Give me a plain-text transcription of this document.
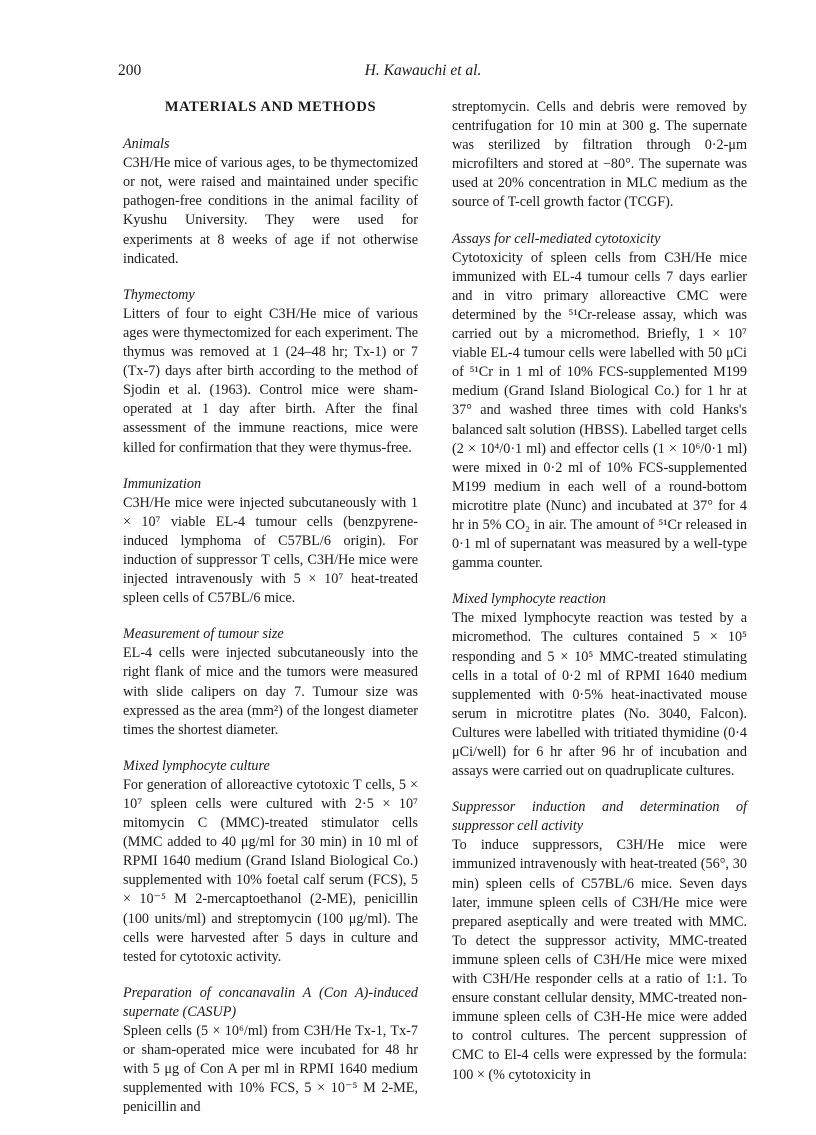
200	H. Kawauchi et al.

MATERIALS AND METHODS

Animals

C3H/He mice of various ages, to be thymectomized or not, were raised and maintained under specific pathogen-free conditions in the animal facility of Kyushu University. They were used for experiments at 8 weeks of age if not otherwise indicated.

Thymectomy

Litters of four to eight C3H/He mice of various ages were thymectomized for each experiment. The thymus was removed at 1 (24–48 hr; Tx-1) or 7 (Tx-7) days after birth according to the method of Sjodin et al. (1963). Control mice were sham-operated at 1 day after birth. After the final assessment of the immune reactions, mice were killed for confirmation that they were thymus-free.

Immunization

C3H/He mice were injected subcutaneously with 1 × 10⁷ viable EL-4 tumour cells (benzpyrene-induced lymphoma of C57BL/6 origin). For induction of suppressor T cells, C3H/He mice were injected intravenously with 5 × 10⁷ heat-treated spleen cells of C57BL/6 mice.

Measurement of tumour size

EL-4 cells were injected subcutaneously into the right flank of mice and the tumors were measured with slide calipers on day 7. Tumour size was expressed as the area (mm²) of the longest diameter times the shortest diameter.

Mixed lymphocyte culture

For generation of alloreactive cytotoxic T cells, 5 × 10⁷ spleen cells were cultured with 2·5 × 10⁷ mitomycin C (MMC)-treated stimulator cells (MMC added to 40 μg/ml for 30 min) in 10 ml of RPMI 1640 medium (Grand Island Biological Co.) supplemented with 10% foetal calf serum (FCS), 5 × 10⁻⁵ M 2-mercaptoethanol (2-ME), penicillin (100 units/ml) and streptomycin (100 μg/ml). The cells were harvested after 5 days in culture and tested for cytotoxic activity.

Preparation of concanavalin A (Con A)-induced supernate (CASUP)

Spleen cells (5 × 10⁶/ml) from C3H/He Tx-1, Tx-7 or sham-operated mice were incubated for 48 hr with 5 μg of Con A per ml in RPMI 1640 medium supplemented with 10% FCS, 5 × 10⁻⁵ M 2-ME, penicillin and

streptomycin. Cells and debris were removed by centrifugation for 10 min at 300 g. The supernate was sterilized by filtration through 0·2-μm microfilters and stored at −80°. The supernate was used at 20% concentration in MLC medium as the source of T-cell growth factor (TCGF).

Assays for cell-mediated cytotoxicity

Cytotoxicity of spleen cells from C3H/He mice immunized with EL-4 tumour cells 7 days earlier and in vitro primary alloreactive CMC were determined by the ⁵¹Cr-release assay, which was carried out by a micromethod. Briefly, 1 × 10⁷ viable EL-4 tumour cells were labelled with 50 μCi of ⁵¹Cr in 1 ml of 10% FCS-supplemented M199 medium (Grand Island Biological Co.) for 1 hr at 37° and washed three times with cold Hanks's balanced salt solution (HBSS). Labelled target cells (2 × 10⁴/0·1 ml) and effector cells (1 × 10⁶/0·1 ml) were mixed in 0·2 ml of 10% FCS-supplemented M199 medium in each well of a round-bottom microtitre plate (Nunc) and incubated at 37° for 4 hr in 5% CO₂ in air. The amount of ⁵¹Cr released in 0·1 ml of supernatant was measured by a well-type gamma counter.

Mixed lymphocyte reaction

The mixed lymphocyte reaction was tested by a micromethod. The cultures contained 5 × 10⁵ responding and 5 × 10⁵ MMC-treated stimulating cells in a total of 0·2 ml of RPMI 1640 medium supplemented with 0·5% heat-inactivated mouse serum in microtitre plates (No. 3040, Falcon). Cultures were labelled with tritiated thymidine (0·4 μCi/well) for 6 hr after 96 hr of incubation and assays were carried out on quadruplicate cultures.

Suppressor induction and determination of suppressor cell activity

To induce suppressors, C3H/He mice were immunized intravenously with heat-treated (56°, 30 min) spleen cells of C57BL/6 mice. Seven days later, immune spleen cells of C3H/He mice were prepared aseptically and were treated with MMC. To detect the suppressor activity, MMC-treated immune spleen cells of C3H/He mice were mixed with C3H/He responder cells at a ratio of 1:1. To ensure constant cellular density, MMC-treated non-immune spleen cells of C3H-He mice were added to control cultures. The percent suppression of CMC to El-4 cells were expressed by the formula: 100 × (% cytotoxicity in
